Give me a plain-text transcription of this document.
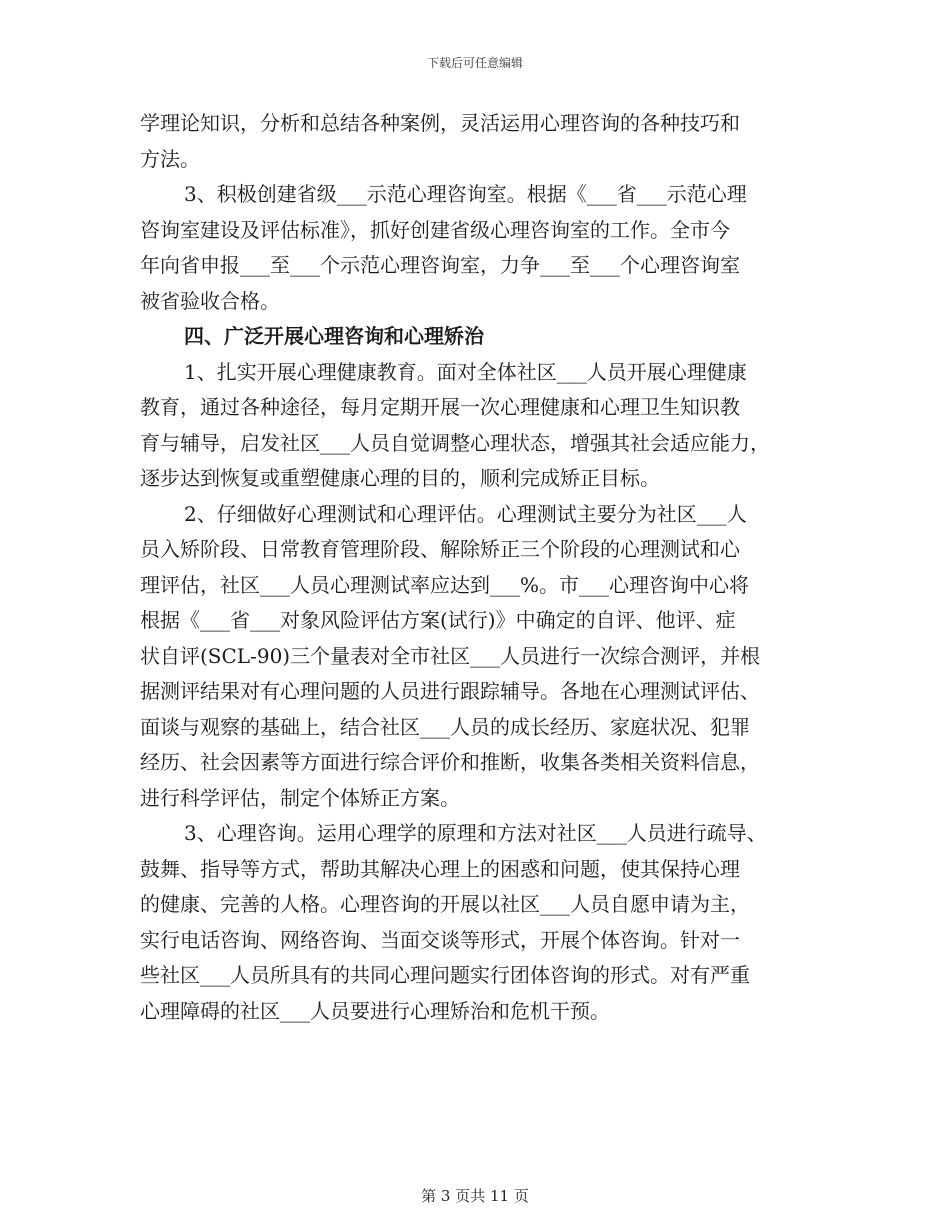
下载后可任意编辑
学理论知识，分析和总结各种案例，灵活运用心理咨询的各种技巧和
方法。
3、积极创建省级___示范心理咨询室。根据《___省___示范心理
咨询室建设及评估标准》，抓好创建省级心理咨询室的工作。全市今
年向省申报___至___个示范心理咨询室，力争___至___个心理咨询室
被省验收合格。
四、广泛开展心理咨询和心理矫治
1、扎实开展心理健康教育。面对全体社区___人员开展心理健康
教育，通过各种途径，每月定期开展一次心理健康和心理卫生知识教
育与辅导，启发社区___人员自觉调整心理状态，增强其社会适应能力，
逐步达到恢复或重塑健康心理的目的，顺利完成矫正目标。
2、仔细做好心理测试和心理评估。心理测试主要分为社区___人
员入矫阶段、日常教育管理阶段、解除矫正三个阶段的心理测试和心
理评估，社区___人员心理测试率应达到___%。市___心理咨询中心将
根据《___省___对象风险评估方案(试行)》中确定的自评、他评、症
状自评(SCL-90)三个量表对全市社区___人员进行一次综合测评，并根
据测评结果对有心理问题的人员进行跟踪辅导。各地在心理测试评估、
面谈与观察的基础上，结合社区___人员的成长经历、家庭状况、犯罪
经历、社会因素等方面进行综合评价和推断，收集各类相关资料信息，
进行科学评估，制定个体矫正方案。
3、心理咨询。运用心理学的原理和方法对社区___人员进行疏导、
鼓舞、指导等方式，帮助其解决心理上的困惑和问题，使其保持心理
的健康、完善的人格。心理咨询的开展以社区___人员自愿申请为主，
实行电话咨询、网络咨询、当面交谈等形式，开展个体咨询。针对一
些社区___人员所具有的共同心理问题实行团体咨询的形式。对有严重
心理障碍的社区___人员要进行心理矫治和危机干预。
第 3 页共 11 页
